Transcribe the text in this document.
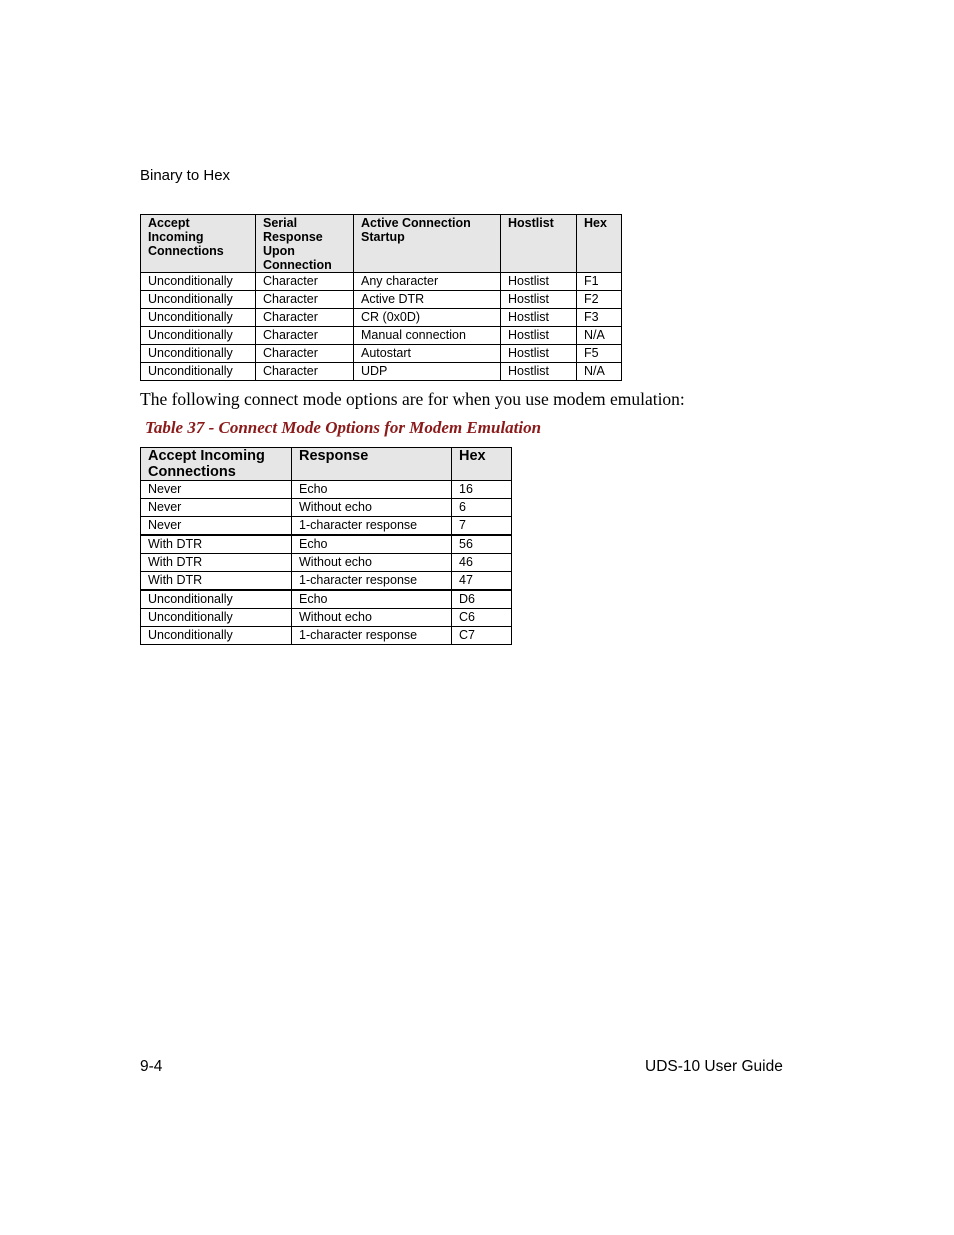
Binary to Hex
Accept Incoming Connections	Serial Response Upon Connection	Active Connection Startup	Hostlist	Hex
Unconditionally	Character	Any character	Hostlist	F1
Unconditionally	Character	Active DTR	Hostlist	F2
Unconditionally	Character	CR (0x0D)	Hostlist	F3
Unconditionally	Character	Manual connection	Hostlist	N/A
Unconditionally	Character	Autostart	Hostlist	F5
Unconditionally	Character	UDP	Hostlist	N/A
The following connect mode options are for when you use modem emulation:
Table 37 - Connect Mode Options for Modem Emulation
Accept Incoming Connections	Response	Hex
Never	Echo	16
Never	Without echo	6
Never	1-character response	7
With DTR	Echo	56
With DTR	Without echo	46
With DTR	1-character response	47
Unconditionally	Echo	D6
Unconditionally	Without echo	C6
Unconditionally	1-character response	C7
9-4	UDS-10 User Guide
